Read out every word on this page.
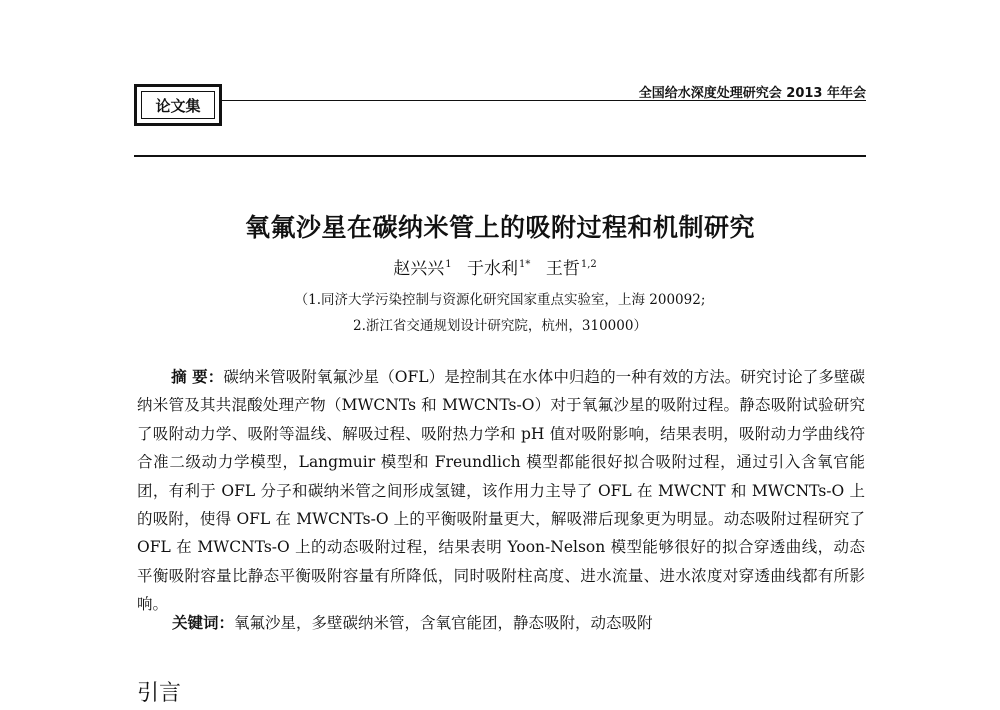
论文集
全国给水深度处理研究会 2013 年年会
氧氟沙星在碳纳米管上的吸附过程和机制研究
赵兴兴$^1$ 于水利$^{1*}$ 王哲$^{1,2}$
（1.同济大学污染控制与资源化研究国家重点实验室，上海 200092;
2.浙江省交通规划设计研究院，杭州，310000）
摘 要：碳纳米管吸附氧氟沙星（OFL）是控制其在水体中归趋的一种有效的方法。研究讨论了多壁碳纳米管及其共混酸处理产物（MWCNTs 和 MWCNTs-O）对于氧氟沙星的吸附过程。静态吸附试验研究了吸附动力学、吸附等温线、解吸过程、吸附热力学和 pH 值对吸附影响，结果表明，吸附动力学曲线符合准二级动力学模型，Langmuir 模型和 Freundlich 模型都能很好拟合吸附过程，通过引入含氧官能团，有利于 OFL 分子和碳纳米管之间形成氢键，该作用力主导了 OFL 在 MWCNT 和 MWCNTs-O 上的吸附，使得 OFL 在 MWCNTs-O 上的平衡吸附量更大，解吸滞后现象更为明显。动态吸附过程研究了 OFL 在 MWCNTs-O 上的动态吸附过程，结果表明 Yoon-Nelson 模型能够很好的拟合穿透曲线，动态平衡吸附容量比静态平衡吸附容量有所降低，同时吸附柱高度、进水流量、进水浓度对穿透曲线都有所影响。
关键词：氧氟沙星，多壁碳纳米管，含氧官能团，静态吸附，动态吸附
引言
